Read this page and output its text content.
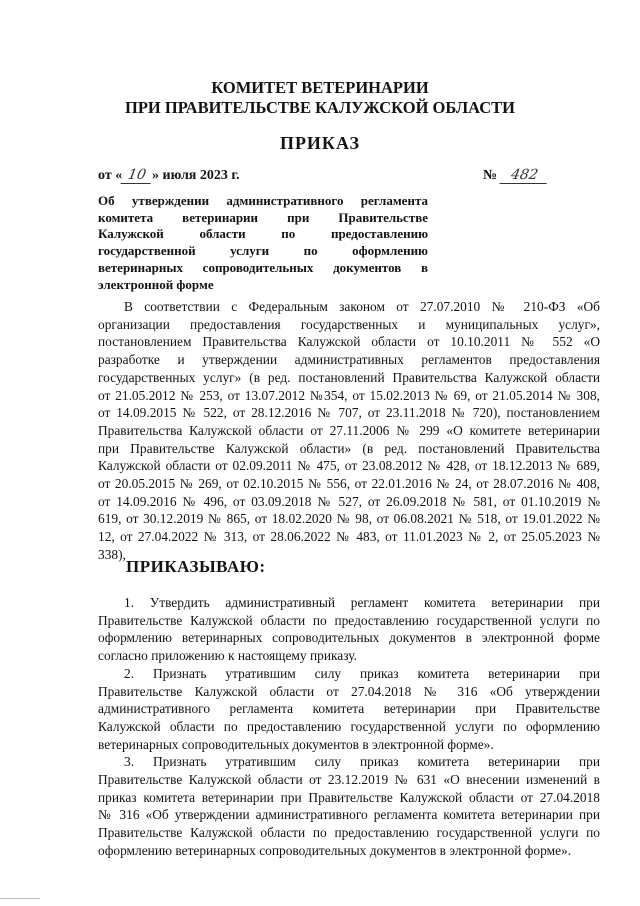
КОМИТЕТ ВЕТЕРИНАРИИ
ПРИ ПРАВИТЕЛЬСТВЕ КАЛУЖСКОЙ ОБЛАСТИ
ПРИКАЗ
от « 10 » июля 2023 г.	№ 482
Об утверждении административного регламента
комитета ветеринарии при Правительстве
Калужской области по предоставлению
государственной услуги по оформлению
ветеринарных сопроводительных документов в
электронной форме
В соответствии с Федеральным законом от 27.07.2010 № 210-ФЗ «Об
организации предоставления государственных и муниципальных услуг»,
постановлением Правительства Калужской области от 10.10.2011 № 552 «О
разработке и утверждении административных регламентов предоставления
государственных услуг» (в ред. постановлений Правительства Калужской области
от 21.05.2012 № 253, от 13.07.2012 №354, от 15.02.2013 № 69, от 21.05.2014 № 308,
от 14.09.2015 № 522, от 28.12.2016 № 707, от 23.11.2018 № 720), постановлением
Правительства Калужской области от 27.11.2006 № 299 «О комитете ветеринарии
при Правительстве Калужской области» (в ред. постановлений Правительства
Калужской области от 02.09.2011 № 475, от 23.08.2012 № 428, от 18.12.2013 № 689,
от 20.05.2015 № 269, от 02.10.2015 № 556, от 22.01.2016 № 24, от 28.07.2016 № 408,
от 14.09.2016 № 496, от 03.09.2018 № 527, от 26.09.2018 № 581, от 01.10.2019 №
619, от 30.12.2019 № 865, от 18.02.2020 № 98, от 06.08.2021 № 518, от 19.01.2022 №
12, от 27.04.2022 № 313, от 28.06.2022 № 483, от 11.01.2023 № 2, от 25.05.2023 №
338),
ПРИКАЗЫВАЮ:
1. Утвердить административный регламент комитета ветеринарии при
Правительстве Калужской области по предоставлению государственной услуги по
оформлению ветеринарных сопроводительных документов в электронной форме
согласно приложению к настоящему приказу.
2. Признать утратившим силу приказ комитета ветеринарии при
Правительстве Калужской области от 27.04.2018 № 316 «Об утверждении
административного регламента комитета ветеринарии при Правительстве
Калужской области по предоставлению государственной услуги по оформлению
ветеринарных сопроводительных документов в электронной форме».
3. Признать утратившим силу приказ комитета ветеринарии при
Правительстве Калужской области от 23.12.2019 № 631 «О внесении изменений в
приказ комитета ветеринарии при Правительстве Калужской области от 27.04.2018
№ 316 «Об утверждении административного регламента комитета ветеринарии при
Правительстве Калужской области по предоставлению государственной услуги по
оформлению ветеринарных сопроводительных документов в электронной форме».
